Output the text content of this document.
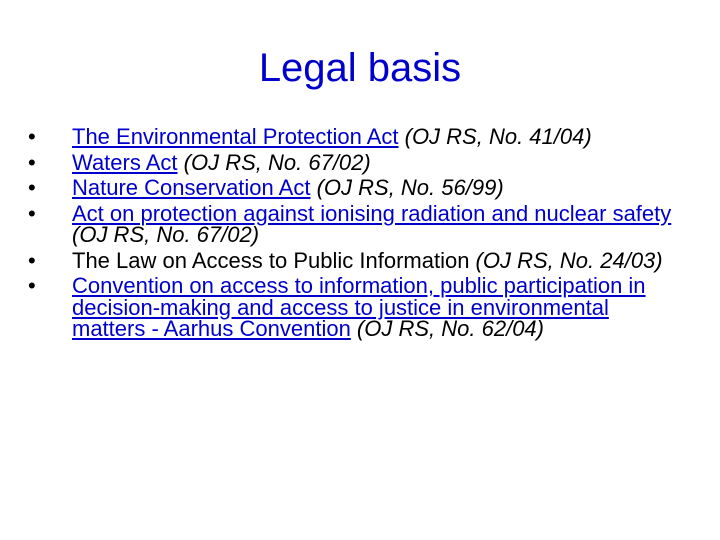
Legal basis
•	The Environmental Protection Act (OJ RS, No. 41/04)
•	Waters Act (OJ RS, No. 67/02)
•	Nature Conservation Act (OJ RS, No. 56/99)
•	Act on protection against ionising radiation and nuclear safety (OJ RS, No. 67/02)
•	The Law on Access to Public Information (OJ RS, No. 24/03)
•	Convention on access to information, public participation in decision-making and access to justice in environmental matters - Aarhus Convention (OJ RS, No. 62/04)
